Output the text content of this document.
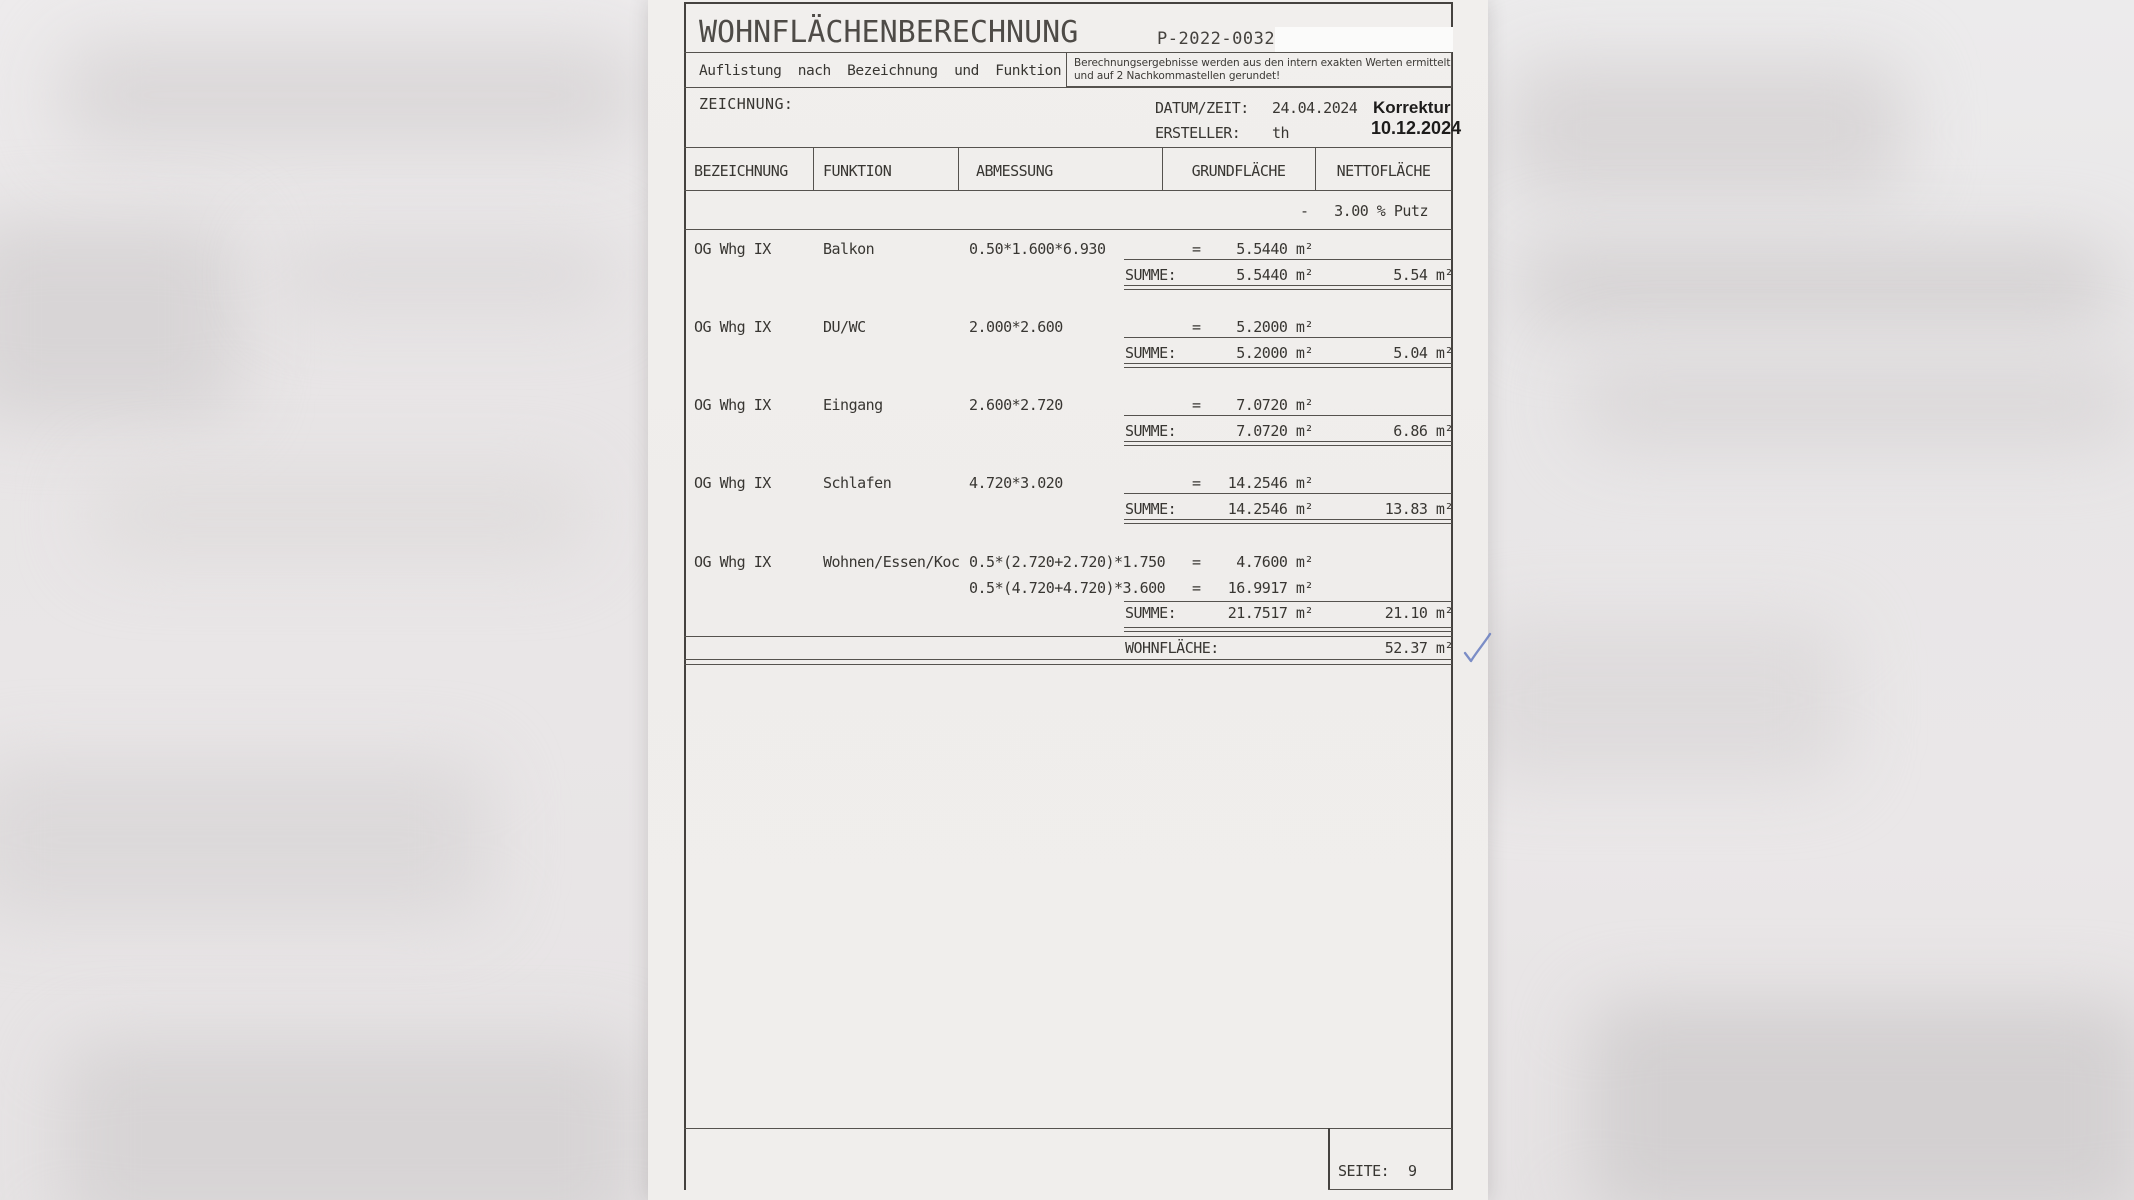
WOHNFLÄCHENBERECHNUNG	P-2022-0032
Auflistung  nach  Bezeichnung  und  Funktion Berechnungsergebnisse werden aus den intern exakten Werten ermittelt
und auf 2 Nachkommastellen gerundet!
ZEICHNUNG:	DATUM/ZEIT: 24.04.2024 Korrektur
ERSTELLER: th	10.12.2024
BEZEICHNUNG FUNKTION	ABMESSUNG	GRUNDFLÄCHE	NETTOFLÄCHE
-   3.00 % Putz
OG Whg IX	Balkon	0.50*1.600*6.930	=	5.5440 m²
SUMME:	5.5440 m²	5.54 m²
OG Whg IX	DU/WC	2.000*2.600	=	5.2000 m²
SUMME:	5.2000 m²	5.04 m²
OG Whg IX	Eingang	2.600*2.720	=	7.0720 m²
SUMME:	7.0720 m²	6.86 m²
OG Whg IX	Schlafen	4.720*3.020	=	14.2546 m²
SUMME:	14.2546 m²	13.83 m²
OG Whg IX	Wohnen/Essen/Koc 0.5*(2.720+2.720)*1.750 =	4.7600 m²
0.5*(4.720+4.720)*3.600 =	16.9917 m²
SUMME:	21.7517 m²	21.10 m²
WOHNFLÄCHE:	52.37 m²
SEITE: 9
